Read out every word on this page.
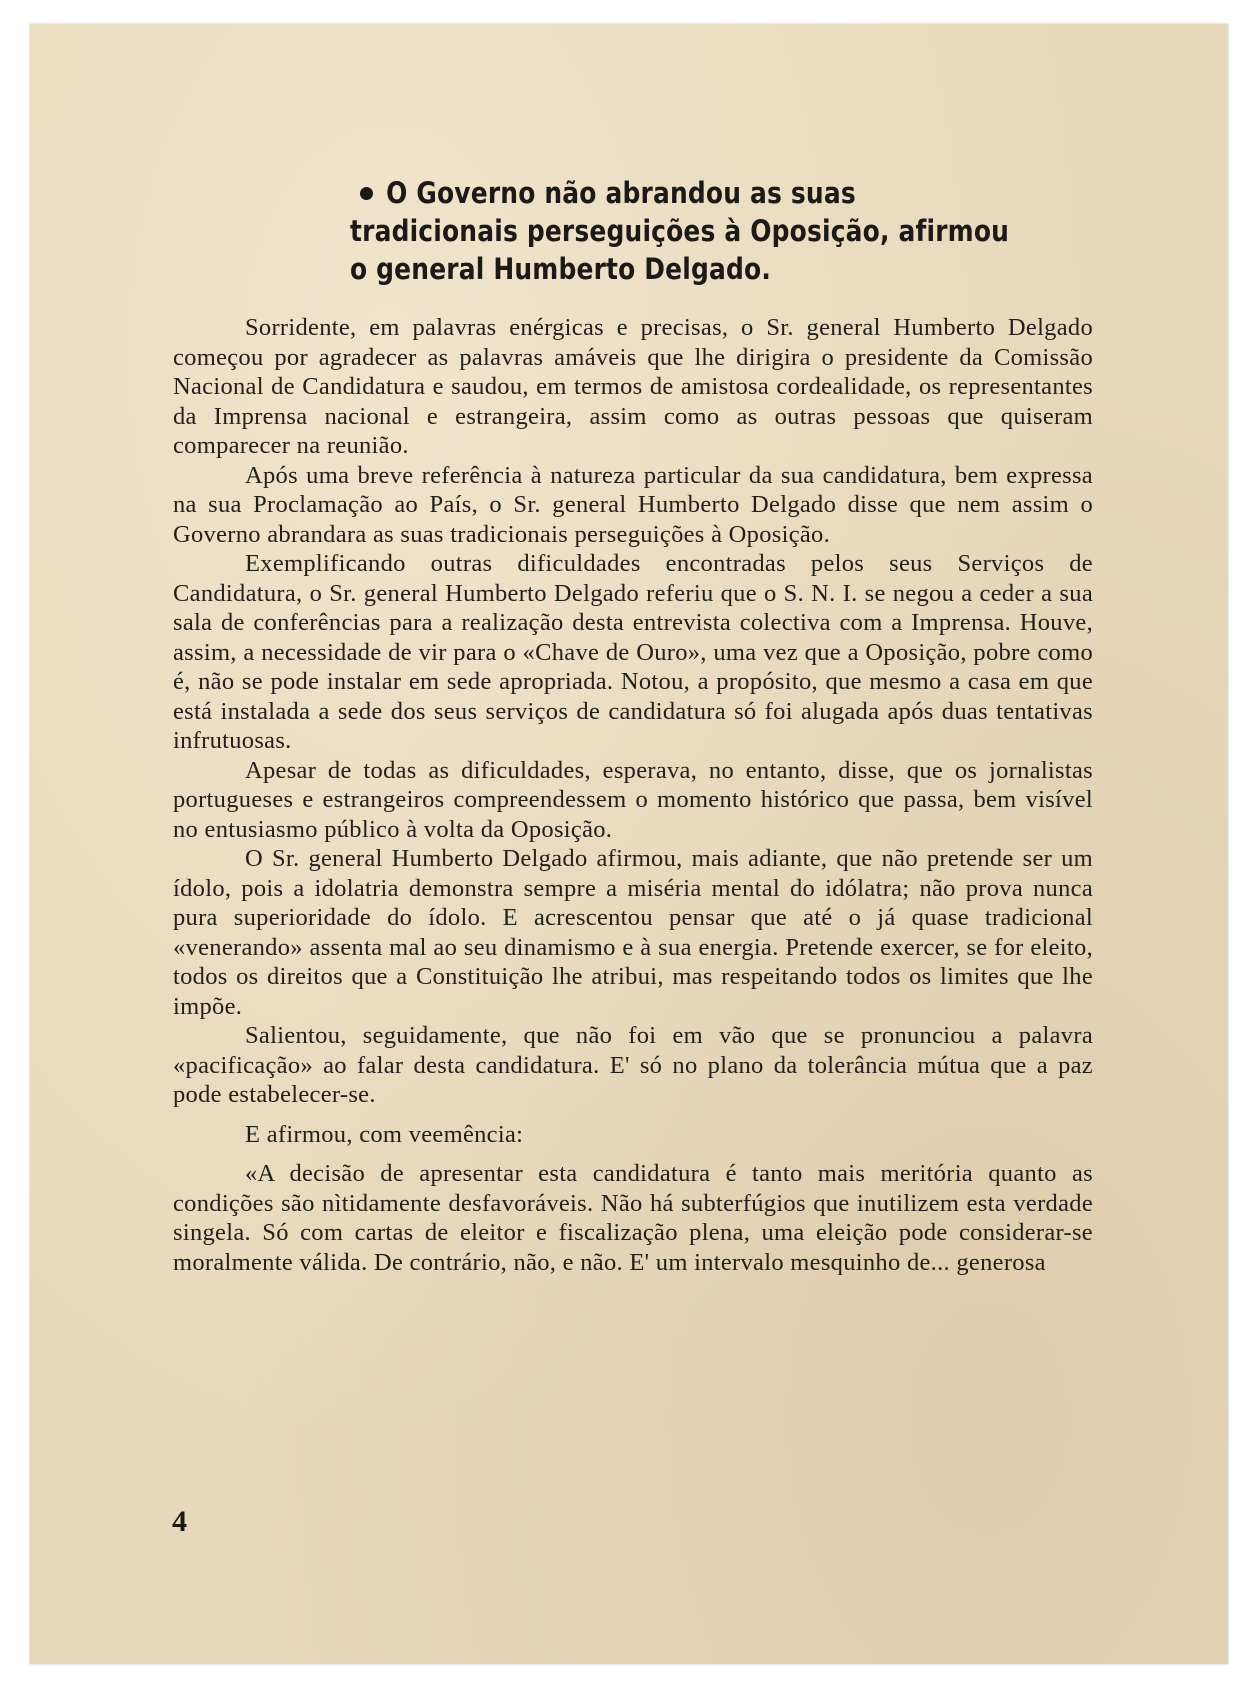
O Governo não abrandou as suas tradicionais perseguições à Oposição, afirmou o general Humberto Delgado.

Sorridente, em palavras enérgicas e precisas, o Sr. general Humberto Delgado começou por agradecer as palavras amáveis que lhe dirigira o presidente da Comissão Nacional de Candidatura e saudou, em termos de amistosa cordealidade, os representantes da Imprensa nacional e estrangeira, assim como as outras pessoas que quiseram comparecer na reunião.

Após uma breve referência à natureza particular da sua candidatura, bem expressa na sua Proclamação ao País, o Sr. general Humberto Delgado disse que nem assim o Governo abrandara as suas tradicionais perseguições à Oposição.

Exemplificando outras dificuldades encontradas pelos seus Serviços de Candidatura, o Sr. general Humberto Delgado referiu que o S. N. I. se negou a ceder a sua sala de conferências para a realização desta entrevista colectiva com a Imprensa. Houve, assim, a necessidade de vir para o «Chave de Ouro», uma vez que a Oposição, pobre como é, não se pode instalar em sede apropriada. Notou, a propósito, que mesmo a casa em que está instalada a sede dos seus serviços de candidatura só foi alugada após duas tentativas infrutuosas.

Apesar de todas as dificuldades, esperava, no entanto, disse, que os jornalistas portugueses e estrangeiros compreendessem o momento histórico que passa, bem visível no entusiasmo público à volta da Oposição.

O Sr. general Humberto Delgado afirmou, mais adiante, que não pretende ser um ídolo, pois a idolatria demonstra sempre a miséria mental do idólatra; não prova nunca pura superioridade do ídolo. E acrescentou pensar que até o já quase tradicional «venerando» assenta mal ao seu dinamismo e à sua energia. Pretende exercer, se for eleito, todos os direitos que a Constituição lhe atribui, mas respeitando todos os limites que lhe impõe.

Salientou, seguidamente, que não foi em vão que se pronunciou a palavra «pacificação» ao falar desta candidatura. E' só no plano da tolerância mútua que a paz pode estabelecer-se.

E afirmou, com veemência:

«A decisão de apresentar esta candidatura é tanto mais meritória quanto as condições são nìtidamente desfavoráveis. Não há subterfúgios que inutilizem esta verdade singela. Só com cartas de eleitor e fiscalização plena, uma eleição pode considerar-se moralmente válida. De contrário, não, e não. E' um intervalo mesquinho de... generosa

4
